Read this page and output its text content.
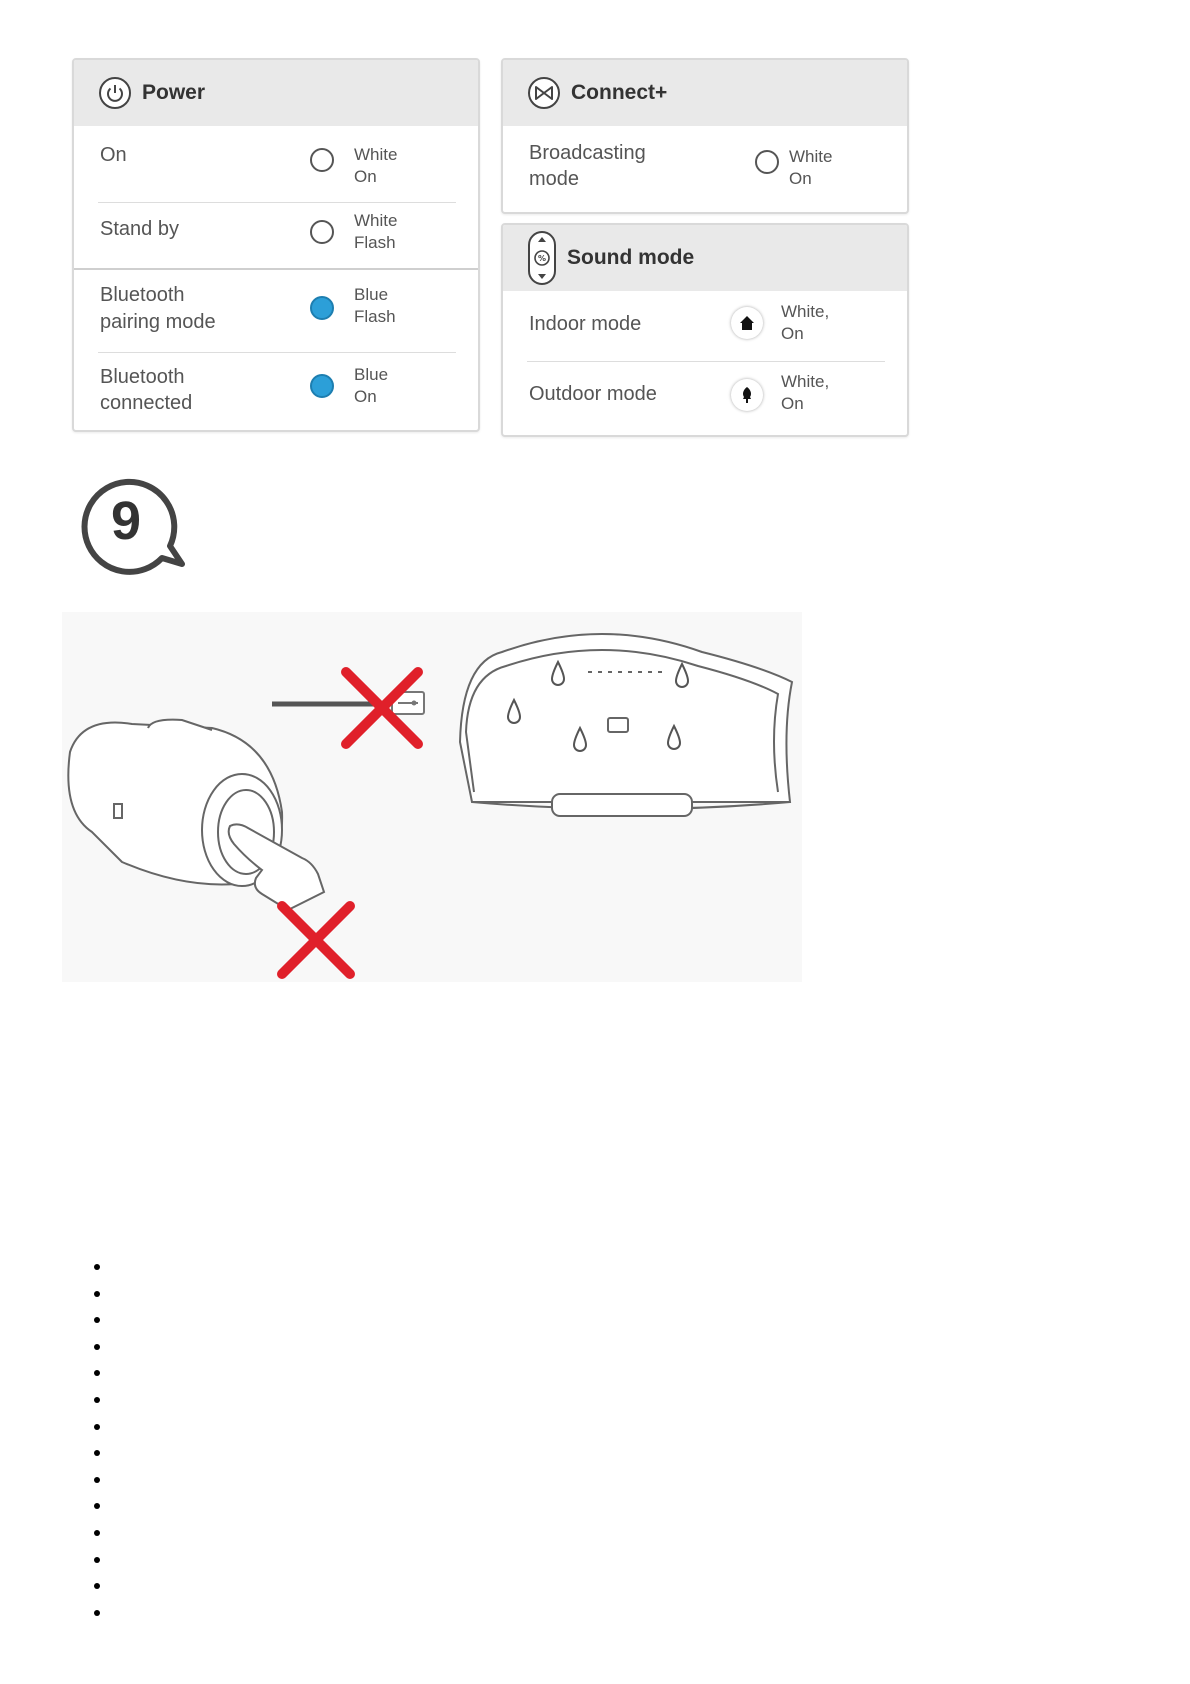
Power
On	White
On
Stand by	White
Flash
Bluetooth
pairing mode
Blue
Flash
Bluetooth
connected
Blue
On
Connect+
Broadcasting
mode
White
On
% Sound mode
Indoor mode
White,
On
Outdoor mode
White,
On
9
